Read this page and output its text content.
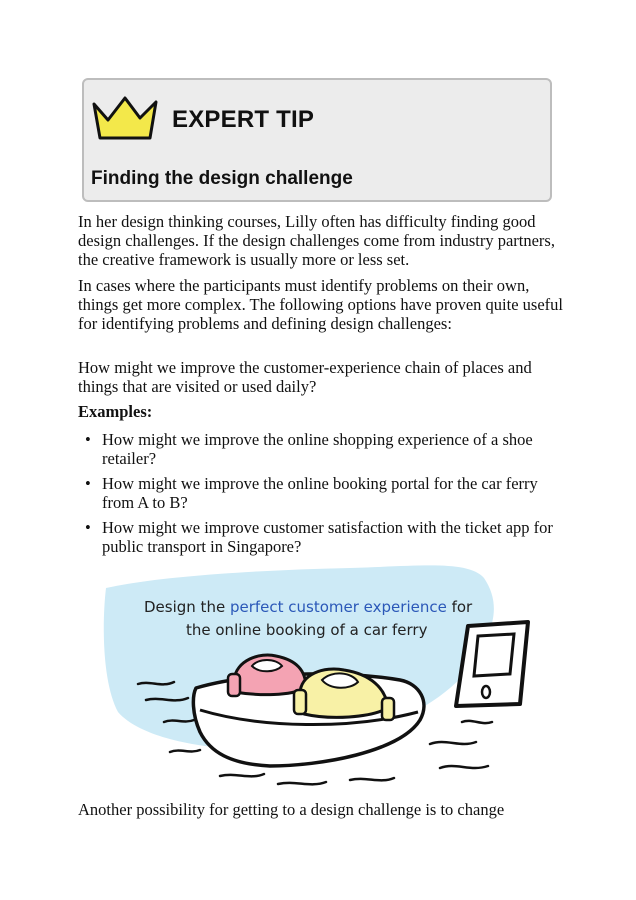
EXPERT TIP
Finding the design challenge

In her design thinking courses, Lilly often has difficulty finding good design challenges. If the design challenges come from industry partners, the creative framework is usually more or less set.

In cases where the participants must identify problems on their own, things get more complex. The following options have proven quite useful for identifying problems and defining design challenges:

How might we improve the customer-experience chain of places and things that are visited or used daily?

Examples:

• How might we improve the online shopping experience of a shoe retailer?
• How might we improve the online booking portal for the car ferry from A to B?
• How might we improve customer satisfaction with the ticket app for public transport in Singapore?
Design the perfect customer experience for
the online booking of a car ferry

Another possibility for getting to a design challenge is to change
